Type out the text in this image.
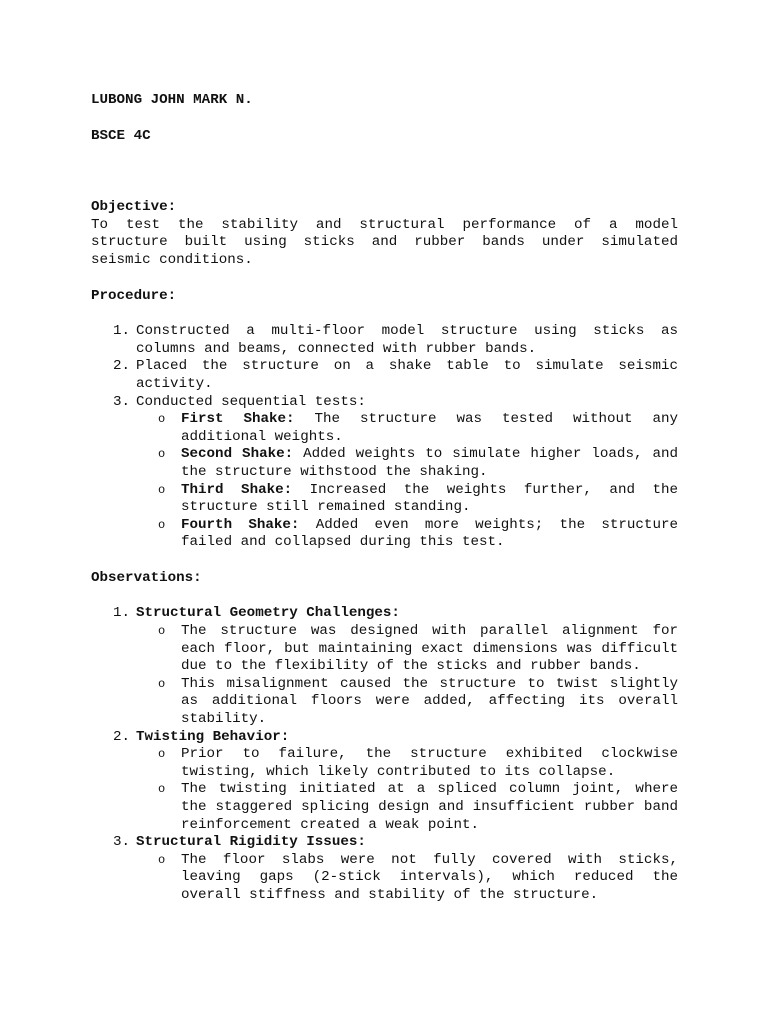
LUBONG JOHN MARK N.

BSCE 4C

Objective:

To test the stability and structural performance of a model structure built using sticks and rubber bands under simulated seismic conditions.

Procedure:

1. Constructed a multi-floor model structure using sticks as columns and beams, connected with rubber bands.
2. Placed the structure on a shake table to simulate seismic activity.
3. Conducted sequential tests:
o First Shake: The structure was tested without any additional weights.
o Second Shake: Added weights to simulate higher loads, and the structure withstood the shaking.
o Third Shake: Increased the weights further, and the structure still remained standing.
o Fourth Shake: Added even more weights; the structure failed and collapsed during this test.

Observations:

1. Structural Geometry Challenges:
o The structure was designed with parallel alignment for each floor, but maintaining exact dimensions was difficult due to the flexibility of the sticks and rubber bands.
o This misalignment caused the structure to twist slightly as additional floors were added, affecting its overall stability.
2. Twisting Behavior:
o Prior to failure, the structure exhibited clockwise twisting, which likely contributed to its collapse.
o The twisting initiated at a spliced column joint, where the staggered splicing design and insufficient rubber band reinforcement created a weak point.
3. Structural Rigidity Issues:
o The floor slabs were not fully covered with sticks, leaving gaps (2-stick intervals), which reduced the overall stiffness and stability of the structure.
